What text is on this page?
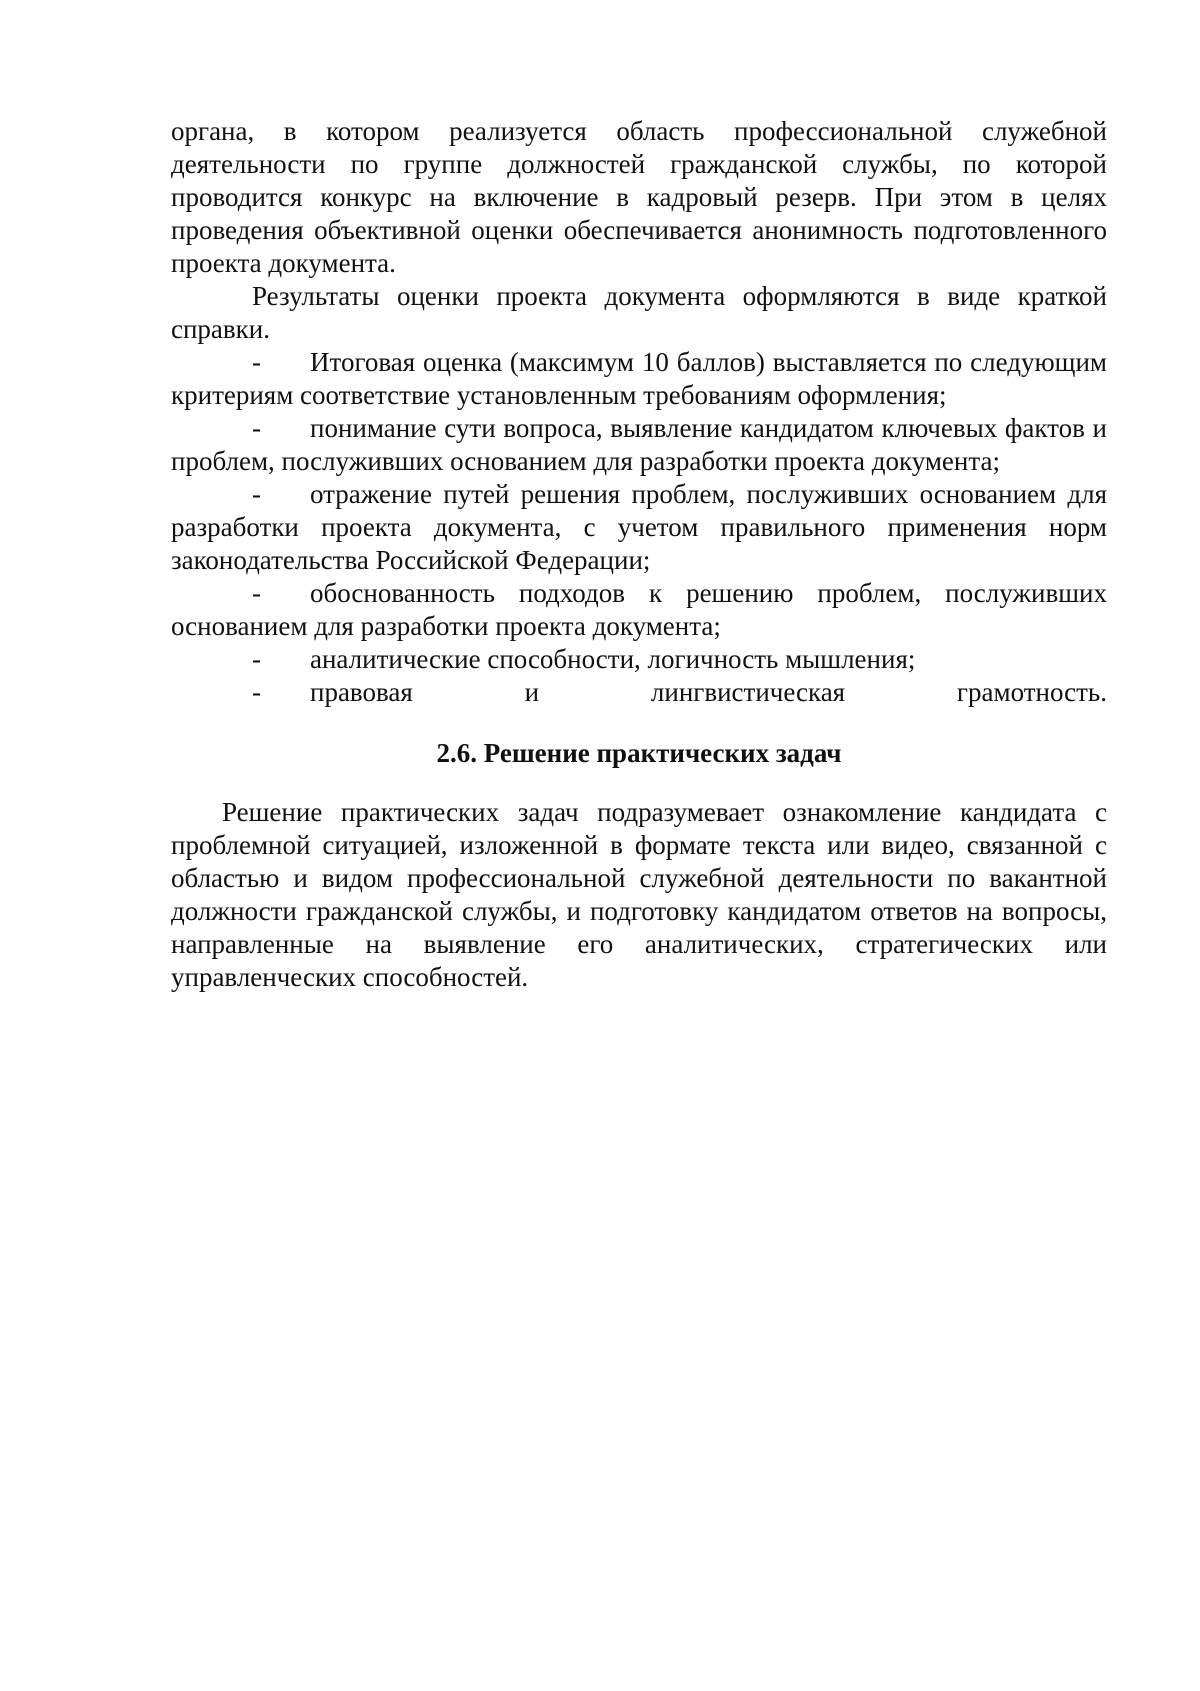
органа, в котором реализуется область профессиональной служебной деятельности по группе должностей гражданской службы, по которой проводится конкурс на включение в кадровый резерв. При этом в целях проведения объективной оценки обеспечивается анонимность подготовленного проекта документа.

Результаты оценки проекта документа оформляются в виде краткой справки.

- Итоговая оценка (максимум 10 баллов) выставляется по следующим критериям соответствие установленным требованиям оформления;

- понимание сути вопроса, выявление кандидатом ключевых фактов и проблем, послуживших основанием для разработки проекта документа;

- отражение путей решения проблем, послуживших основанием для разработки проекта документа, с учетом правильного применения норм законодательства Российской Федерации;

- обоснованность подходов к решению проблем, послуживших основанием для разработки проекта документа;

- аналитические способности, логичность мышления;

- правовая и лингвистическая грамотность.

2.6. Решение практических задач

Решение практических задач подразумевает ознакомление кандидата с проблемной ситуацией, изложенной в формате текста или видео, связанной с областью и видом профессиональной служебной деятельности по вакантной должности гражданской службы, и подготовку кандидатом ответов на вопросы, направленные на выявление его аналитических, стратегических или управленческих способностей.
